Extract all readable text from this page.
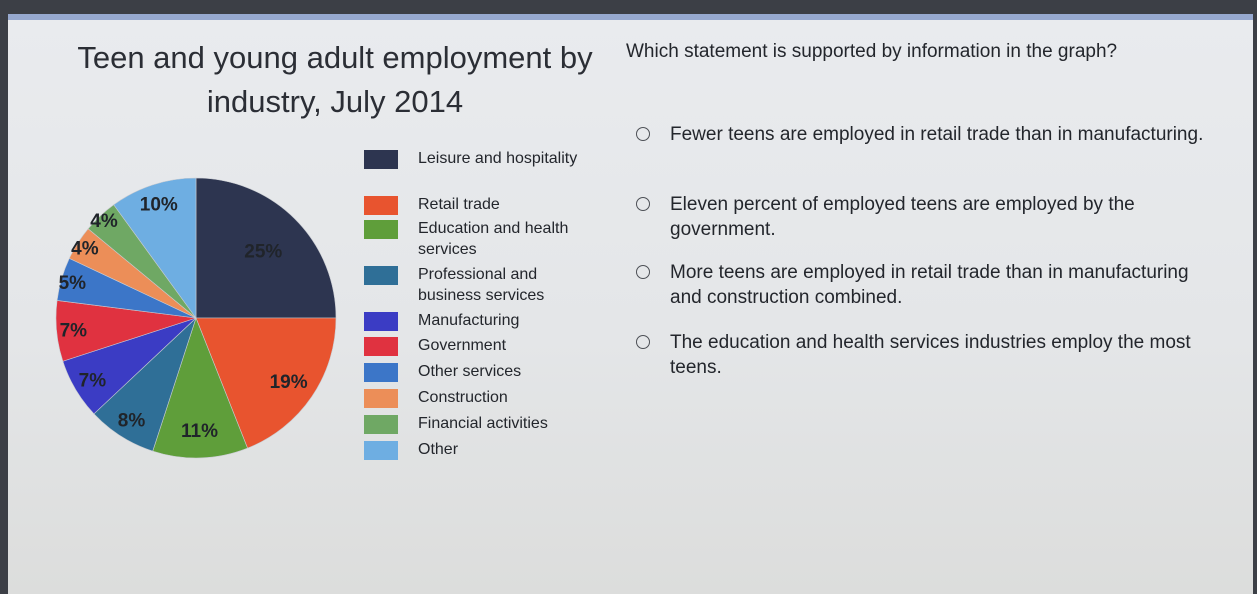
Teen and young adult employment by industry, July 2014
25%
19%
11%
8%
7%
7%
5%
4%
4%
10%
Leisure and hospitality
Retail trade
Education and health services
Professional and business services
Manufacturing
Government
Other services
Construction
Financial activities
Other
Which statement is supported by information in the graph?
Fewer teens are employed in retail trade than in manufacturing.
Eleven percent of employed teens are employed by the government.
More teens are employed in retail trade than in manufacturing and construction combined.
The education and health services industries employ the most teens.
